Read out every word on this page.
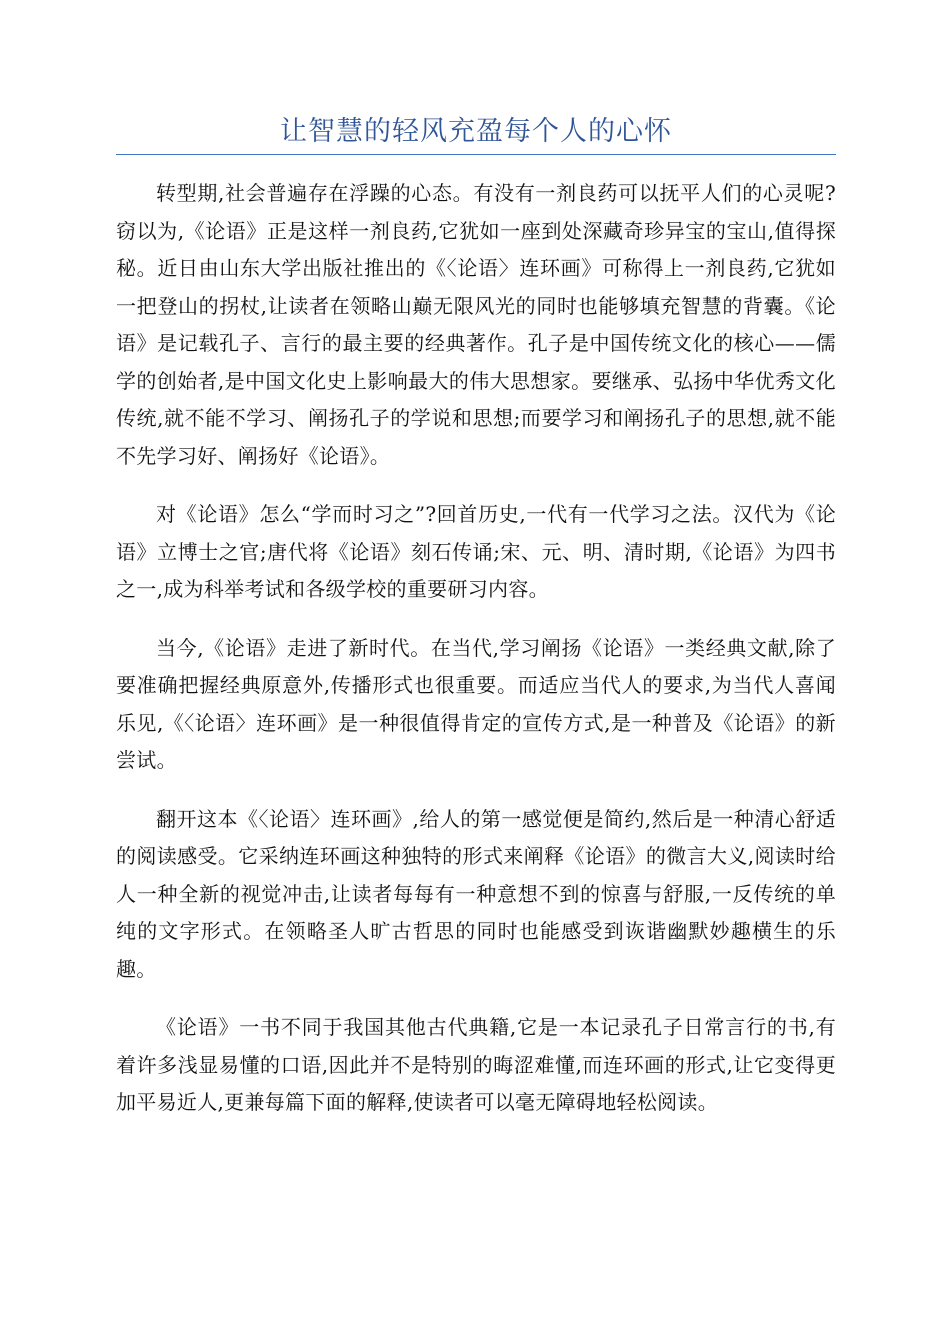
让智慧的轻风充盈每个人的心怀

转型期,社会普遍存在浮躁的心态。有没有一剂良药可以抚平人们的心灵呢?窃以为,《论语》正是这样一剂良药,它犹如一座到处深藏奇珍异宝的宝山,值得探秘。近日由山东大学出版社推出的《〈论语〉连环画》可称得上一剂良药,它犹如一把登山的拐杖,让读者在领略山巅无限风光的同时也能够填充智慧的背囊。《论语》是记载孔子、言行的最主要的经典著作。孔子是中国传统文化的核心——儒学的创始者,是中国文化史上影响最大的伟大思想家。要继承、弘扬中华优秀文化传统,就不能不学习、阐扬孔子的学说和思想;而要学习和阐扬孔子的思想,就不能不先学习好、阐扬好《论语》。

对《论语》怎么“学而时习之”?回首历史,一代有一代学习之法。汉代为《论语》立博士之官;唐代将《论语》刻石传诵;宋、元、明、清时期,《论语》为四书之一,成为科举考试和各级学校的重要研习内容。

当今,《论语》走进了新时代。在当代,学习阐扬《论语》一类经典文献,除了要准确把握经典原意外,传播形式也很重要。而适应当代人的要求,为当代人喜闻乐见,《〈论语〉连环画》是一种很值得肯定的宣传方式,是一种普及《论语》的新尝试。

翻开这本《〈论语〉连环画》,给人的第一感觉便是简约,然后是一种清心舒适的阅读感受。它采纳连环画这种独特的形式来阐释《论语》的微言大义,阅读时给人一种全新的视觉冲击,让读者每每有一种意想不到的惊喜与舒服,一反传统的单纯的文字形式。在领略圣人旷古哲思的同时也能感受到诙谐幽默妙趣横生的乐趣。

《论语》一书不同于我国其他古代典籍,它是一本记录孔子日常言行的书,有着许多浅显易懂的口语,因此并不是特别的晦涩难懂,而连环画的形式,让它变得更加平易近人,更兼每篇下面的解释,使读者可以毫无障碍地轻松阅读。
